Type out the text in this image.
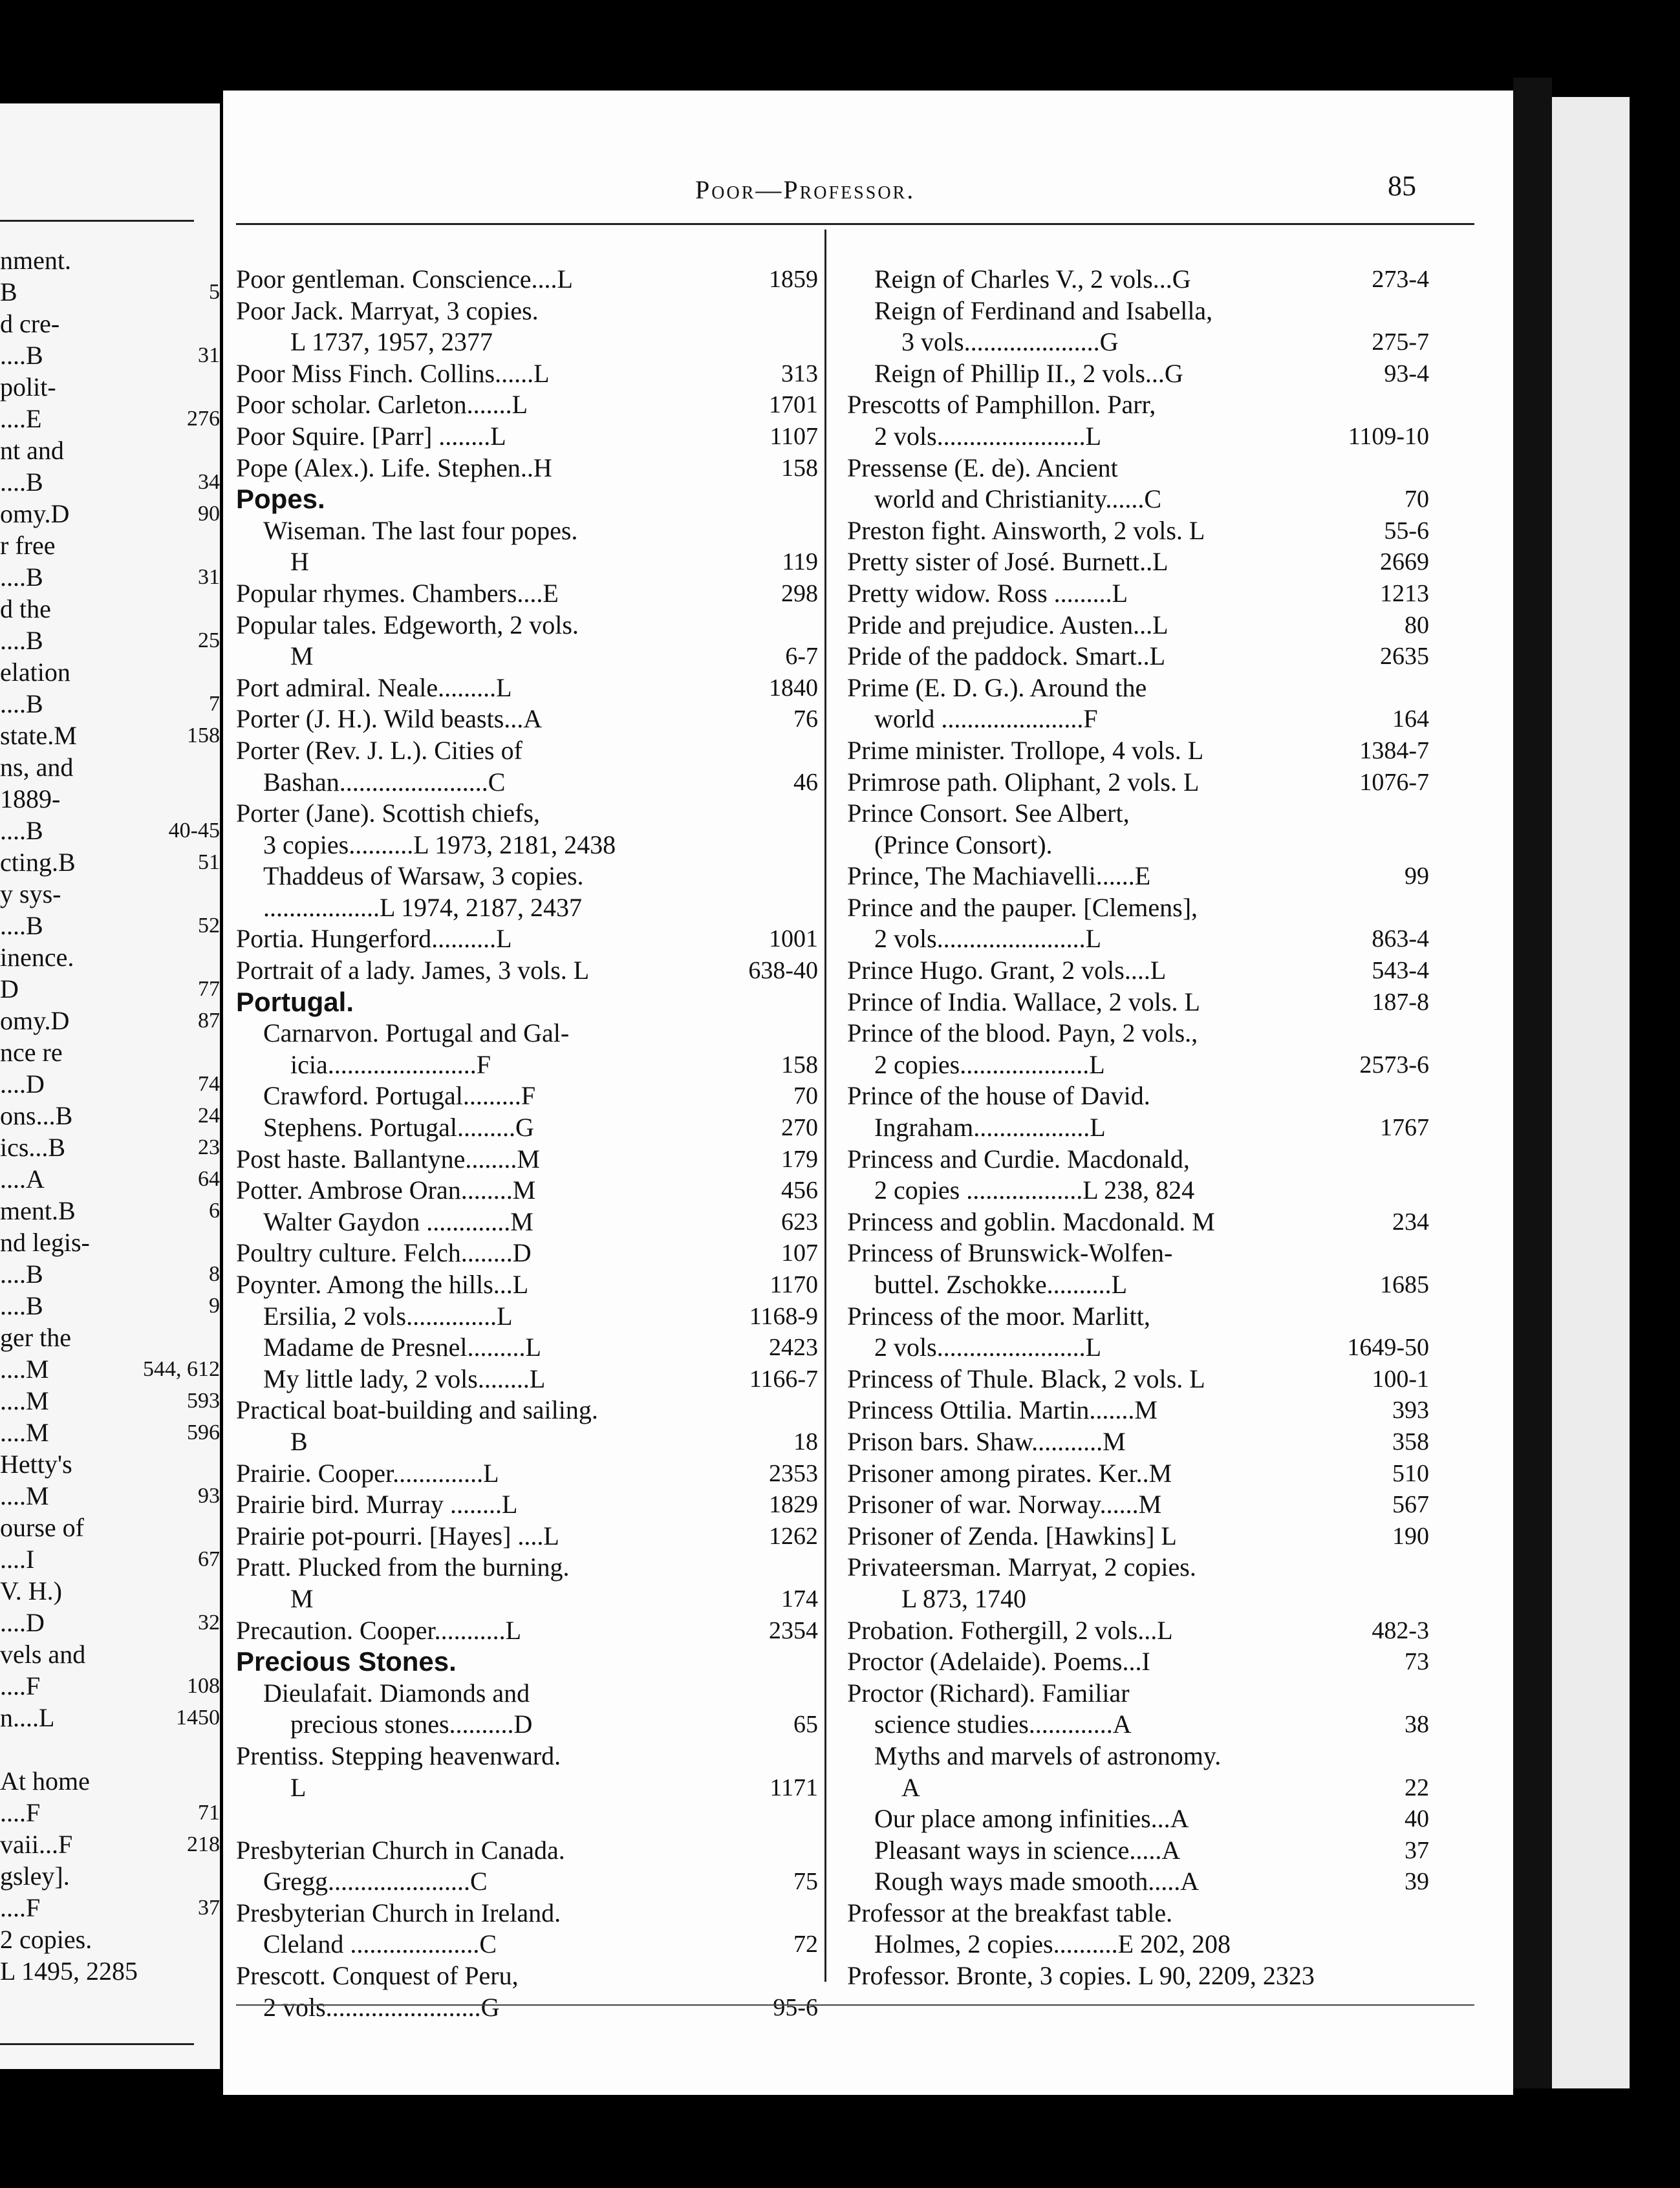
nment.
B	5
d cre-
....B	31
polit-
....E	276
nt and
....B	34
omy.D	90
r free
....B	31
d the
....B	25
elation
....B	7
state.M	158
ns, and
1889-
....B	40-45
cting.B	51
y sys-
....B	52
inence.
D	77
omy.D	87
nce re
....D	74
ons...B	24
ics...B	23
....A	64
ment.B	6
nd legis-
....B	8
....B	9
ger the
....M	544, 612
....M	593
....M	596
Hetty's
....M	93
ourse of
....I	67
V. H.)
....D	32
vels and
....F	108
n....L	1450
At home
....F	71
vaii...F	218
gsley].
....F	37
2 copies.
L 1495, 2285
Poor—Professor.	85
Poor gentleman. Conscience....L	1859
Poor Jack. Marryat, 3 copies.
L 1737, 1957, 2377
Poor Miss Finch. Collins......L	313
Poor scholar. Carleton.......L	1701
Poor Squire. [Parr] ........L	1107
Pope (Alex.). Life. Stephen..H	158
Popes.
Wiseman. The last four popes.
H	119
Popular rhymes. Chambers....E	298
Popular tales. Edgeworth, 2 vols.
M	6-7
Port admiral. Neale.........L	1840
Porter (J. H.). Wild beasts...A	76
Porter (Rev. J. L.). Cities of
Bashan.......................C	46
Porter (Jane). Scottish chiefs,
3 copies..........L 1973, 2181, 2438
Thaddeus of Warsaw, 3 copies.
..................L 1974, 2187, 2437
Portia. Hungerford..........L	1001
Portrait of a lady. James, 3 vols. L	638-40
Portugal.
Carnarvon. Portugal and Gal-
icia.......................F	158
Crawford. Portugal.........F	70
Stephens. Portugal.........G	270
Post haste. Ballantyne........M	179
Potter. Ambrose Oran........M	456
Walter Gaydon .............M	623
Poultry culture. Felch........D	107
Poynter. Among the hills...L	1170
Ersilia, 2 vols..............L	1168-9
Madame de Presnel.........L	2423
My little lady, 2 vols........L	1166-7
Practical boat-building and sailing.
B	18
Prairie. Cooper..............L	2353
Prairie bird. Murray ........L	1829
Prairie pot-pourri. [Hayes] ....L	1262
Pratt. Plucked from the burning.
M	174
Precaution. Cooper...........L	2354
Precious Stones.
Dieulafait. Diamonds and
precious stones..........D	65
Prentiss. Stepping heavenward.
L	1171
Presbyterian Church in Canada.
Gregg......................C	75
Presbyterian Church in Ireland.
Cleland ....................C	72
Prescott. Conquest of Peru,
2 vols........................G	95-6
Reign of Charles V., 2 vols...G	273-4
Reign of Ferdinand and Isabella,
3 vols.....................G	275-7
Reign of Phillip II., 2 vols...G	93-4
Prescotts of Pamphillon. Parr,
2 vols.......................L	1109-10
Pressense (E. de). Ancient
world and Christianity......C	70
Preston fight. Ainsworth, 2 vols. L	55-6
Pretty sister of José. Burnett..L	2669
Pretty widow. Ross .........L	1213
Pride and prejudice. Austen...L	80
Pride of the paddock. Smart..L	2635
Prime (E. D. G.). Around the
world ......................F	164
Prime minister. Trollope, 4 vols. L	1384-7
Primrose path. Oliphant, 2 vols. L	1076-7
Prince Consort. See Albert,
(Prince Consort).
Prince, The Machiavelli......E	99
Prince and the pauper. [Clemens],
2 vols.......................L	863-4
Prince Hugo. Grant, 2 vols....L	543-4
Prince of India. Wallace, 2 vols. L	187-8
Prince of the blood. Payn, 2 vols.,
2 copies....................L	2573-6
Prince of the house of David.
Ingraham..................L	1767
Princess and Curdie. Macdonald,
2 copies ..................L 238, 824
Princess and goblin. Macdonald. M	234
Princess of Brunswick-Wolfen-
buttel. Zschokke..........L	1685
Princess of the moor. Marlitt,
2 vols.......................L	1649-50
Princess of Thule. Black, 2 vols. L	100-1
Princess Ottilia. Martin.......M	393
Prison bars. Shaw...........M	358
Prisoner among pirates. Ker..M	510
Prisoner of war. Norway......M	567
Prisoner of Zenda. [Hawkins] L	190
Privateersman. Marryat, 2 copies.
L 873, 1740
Probation. Fothergill, 2 vols...L	482-3
Proctor (Adelaide). Poems...I	73
Proctor (Richard). Familiar
science studies.............A	38
Myths and marvels of astronomy.
A	22
Our place among infinities...A	40
Pleasant ways in science.....A	37
Rough ways made smooth.....A	39
Professor at the breakfast table.
Holmes, 2 copies..........E 202, 208
Professor. Bronte, 3 copies. L 90, 2209, 2323
